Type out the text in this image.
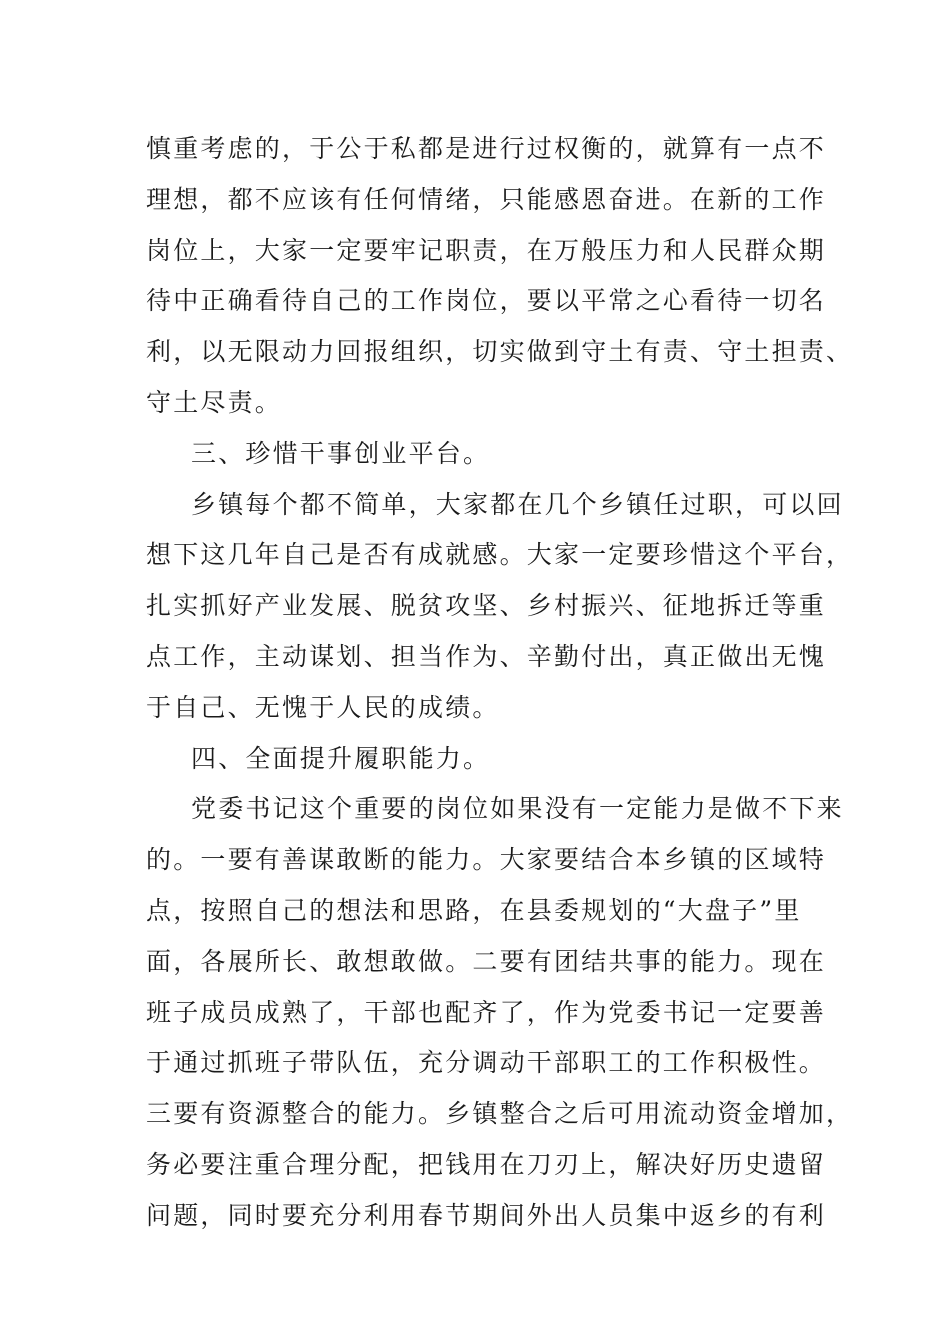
慎重考虑的，于公于私都是进行过权衡的，就算有一点不
理想，都不应该有任何情绪，只能感恩奋进。在新的工作
岗位上，大家一定要牢记职责，在万般压力和人民群众期
待中正确看待自己的工作岗位，要以平常之心看待一切名
利，以无限动力回报组织，切实做到守土有责、守土担责、
守土尽责。
三、珍惜干事创业平台。
乡镇每个都不简单，大家都在几个乡镇任过职，可以回
想下这几年自己是否有成就感。大家一定要珍惜这个平台，
扎实抓好产业发展、脱贫攻坚、乡村振兴、征地拆迁等重
点工作，主动谋划、担当作为、辛勤付出，真正做出无愧
于自己、无愧于人民的成绩。
四、全面提升履职能力。
党委书记这个重要的岗位如果没有一定能力是做不下来
的。一要有善谋敢断的能力。大家要结合本乡镇的区域特
点，按照自己的想法和思路，在县委规划的“大盘子”里
面，各展所长、敢想敢做。二要有团结共事的能力。现在
班子成员成熟了，干部也配齐了，作为党委书记一定要善
于通过抓班子带队伍，充分调动干部职工的工作积极性。
三要有资源整合的能力。乡镇整合之后可用流动资金增加，
务必要注重合理分配，把钱用在刀刃上，解决好历史遗留
问题，同时要充分利用春节期间外出人员集中返乡的有利
